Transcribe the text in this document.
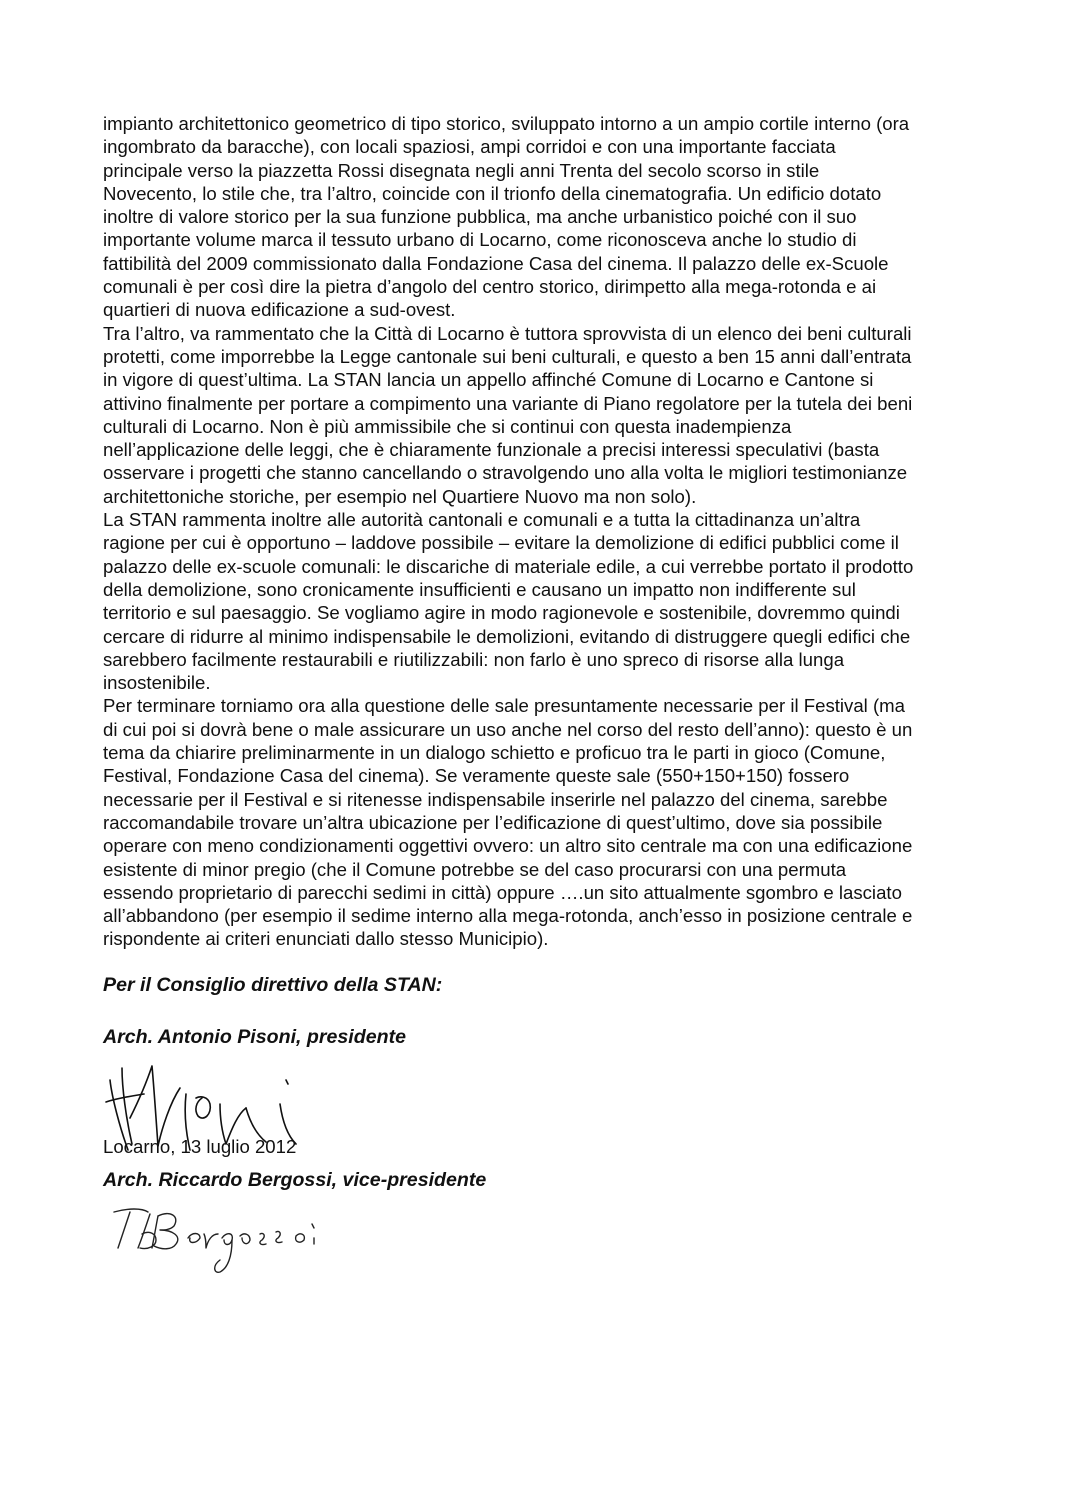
impianto architettonico geometrico di tipo storico, sviluppato intorno a un ampio cortile interno (ora
ingombrato da baracche), con locali spaziosi, ampi corridoi e con una importante facciata
principale verso la piazzetta Rossi disegnata negli anni Trenta del secolo scorso in stile
Novecento, lo stile che, tra l’altro, coincide con il trionfo della cinematografia. Un edificio dotato
inoltre di valore storico per la sua funzione pubblica, ma anche urbanistico poiché con il suo
importante volume marca il tessuto urbano di Locarno, come riconosceva anche lo studio di
fattibilità del 2009 commissionato dalla Fondazione Casa del cinema. Il palazzo delle ex-Scuole
comunali è per così dire la pietra d’angolo del centro storico, dirimpetto alla mega-rotonda e ai
quartieri di nuova edificazione a sud-ovest.

Tra l’altro, va rammentato che la Città di Locarno è tuttora sprovvista di un elenco dei beni culturali
protetti, come imporrebbe la Legge cantonale sui beni culturali, e questo a ben 15 anni dall’entrata
in vigore di quest’ultima. La STAN lancia un appello affinché Comune di Locarno e Cantone si
attivino finalmente per portare a compimento una variante di Piano regolatore per la tutela dei beni
culturali di Locarno. Non è più ammissibile che si continui con questa inadempienza
nell’applicazione delle leggi, che è chiaramente funzionale a precisi interessi speculativi (basta
osservare i progetti che stanno cancellando o stravolgendo uno alla volta le migliori testimonianze
architettoniche storiche, per esempio nel Quartiere Nuovo ma non solo).

La STAN rammenta inoltre alle autorità cantonali e comunali e a tutta la cittadinanza un’altra
ragione per cui è opportuno – laddove possibile – evitare la demolizione di edifici pubblici come il
palazzo delle ex-scuole comunali: le discariche di materiale edile, a cui verrebbe portato il prodotto
della demolizione, sono cronicamente insufficienti e causano un impatto non indifferente sul
territorio e sul paesaggio. Se vogliamo agire in modo ragionevole e sostenibile, dovremmo quindi
cercare di ridurre al minimo indispensabile le demolizioni, evitando di distruggere quegli edifici che
sarebbero facilmente restaurabili e riutilizzabili: non farlo è uno spreco di risorse alla lunga
insostenibile.

Per terminare torniamo ora alla questione delle sale presuntamente necessarie per il Festival (ma
di cui poi si dovrà bene o male assicurare un uso anche nel corso del resto dell’anno): questo è un
tema da chiarire preliminarmente in un dialogo schietto e proficuo tra le parti in gioco (Comune,
Festival, Fondazione Casa del cinema). Se veramente queste sale (550+150+150) fossero
necessarie per il Festival e si ritenesse indispensabile inserirle nel palazzo del cinema, sarebbe
raccomandabile trovare un’altra ubicazione per l’edificazione di quest’ultimo, dove sia possibile
operare con meno condizionamenti oggettivi ovvero: un altro sito centrale ma con una edificazione
esistente di minor pregio (che il Comune potrebbe se del caso procurarsi con una permuta
essendo proprietario di parecchi sedimi in città) oppure ….un sito attualmente sgombro e lasciato
all’abbandono (per esempio il sedime interno alla mega-rotonda, anch’esso in posizione centrale e
rispondente ai criteri enunciati dallo stesso Municipio).

Per il Consiglio direttivo della STAN:
Arch. Antonio Pisoni, presidente
Arch. Riccardo Bergossi, vice-presidente
Locarno, 13 luglio 2012
